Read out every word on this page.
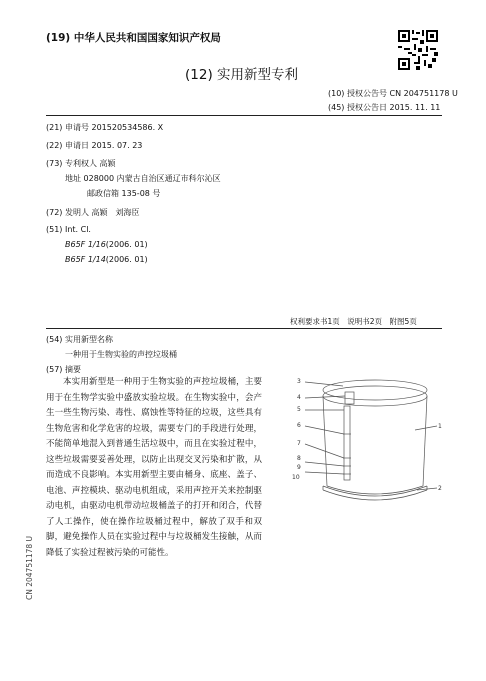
(19) 中华人民共和国国家知识产权局
(12) 实用新型专利
(10) 授权公告号 CN 204751178 U
(45) 授权公告日 2015. 11. 11
(21) 申请号 201520534586. X
(22) 申请日 2015. 07. 23
(73) 专利权人 高颖
地址 028000 内蒙古自治区通辽市科尔沁区
邮政信箱 135-08 号
(72) 发明人 高颖　刘海臣
(51) Int. Cl.
B65F 1/16(2006. 01)
B65F 1/14(2006. 01)
权利要求书1页　说明书2页　附图5页
(54) 实用新型名称
一种用于生物实验的声控垃圾桶
(57) 摘要
本实用新型是一种用于生物实验的声控垃圾桶，主要用于在生物学实验中盛放实验垃圾。在生物实验中，会产生一些生物污染、毒性、腐蚀性等特征的垃圾，这些具有生物危害和化学危害的垃圾，需要专门的手段进行处理，不能简单地混入到普通生活垃圾中，而且在实验过程中，这些垃圾需要妥善处理，以防止出现交叉污染和扩散，从而造成不良影响。本实用新型主要由桶身、底座、盖子、电池、声控模块、驱动电机组成，采用声控开关来控制驱动电机，由驱动电机带动垃圾桶盖子的打开和闭合，代替了人工操作，使在操作垃圾桶过程中，解放了双手和双脚，避免操作人员在实验过程中与垃圾桶发生接触，从而降低了实验过程被污染的可能性。
3
4
5
6
7
8
9
10
1
2
CN 204751178 U
